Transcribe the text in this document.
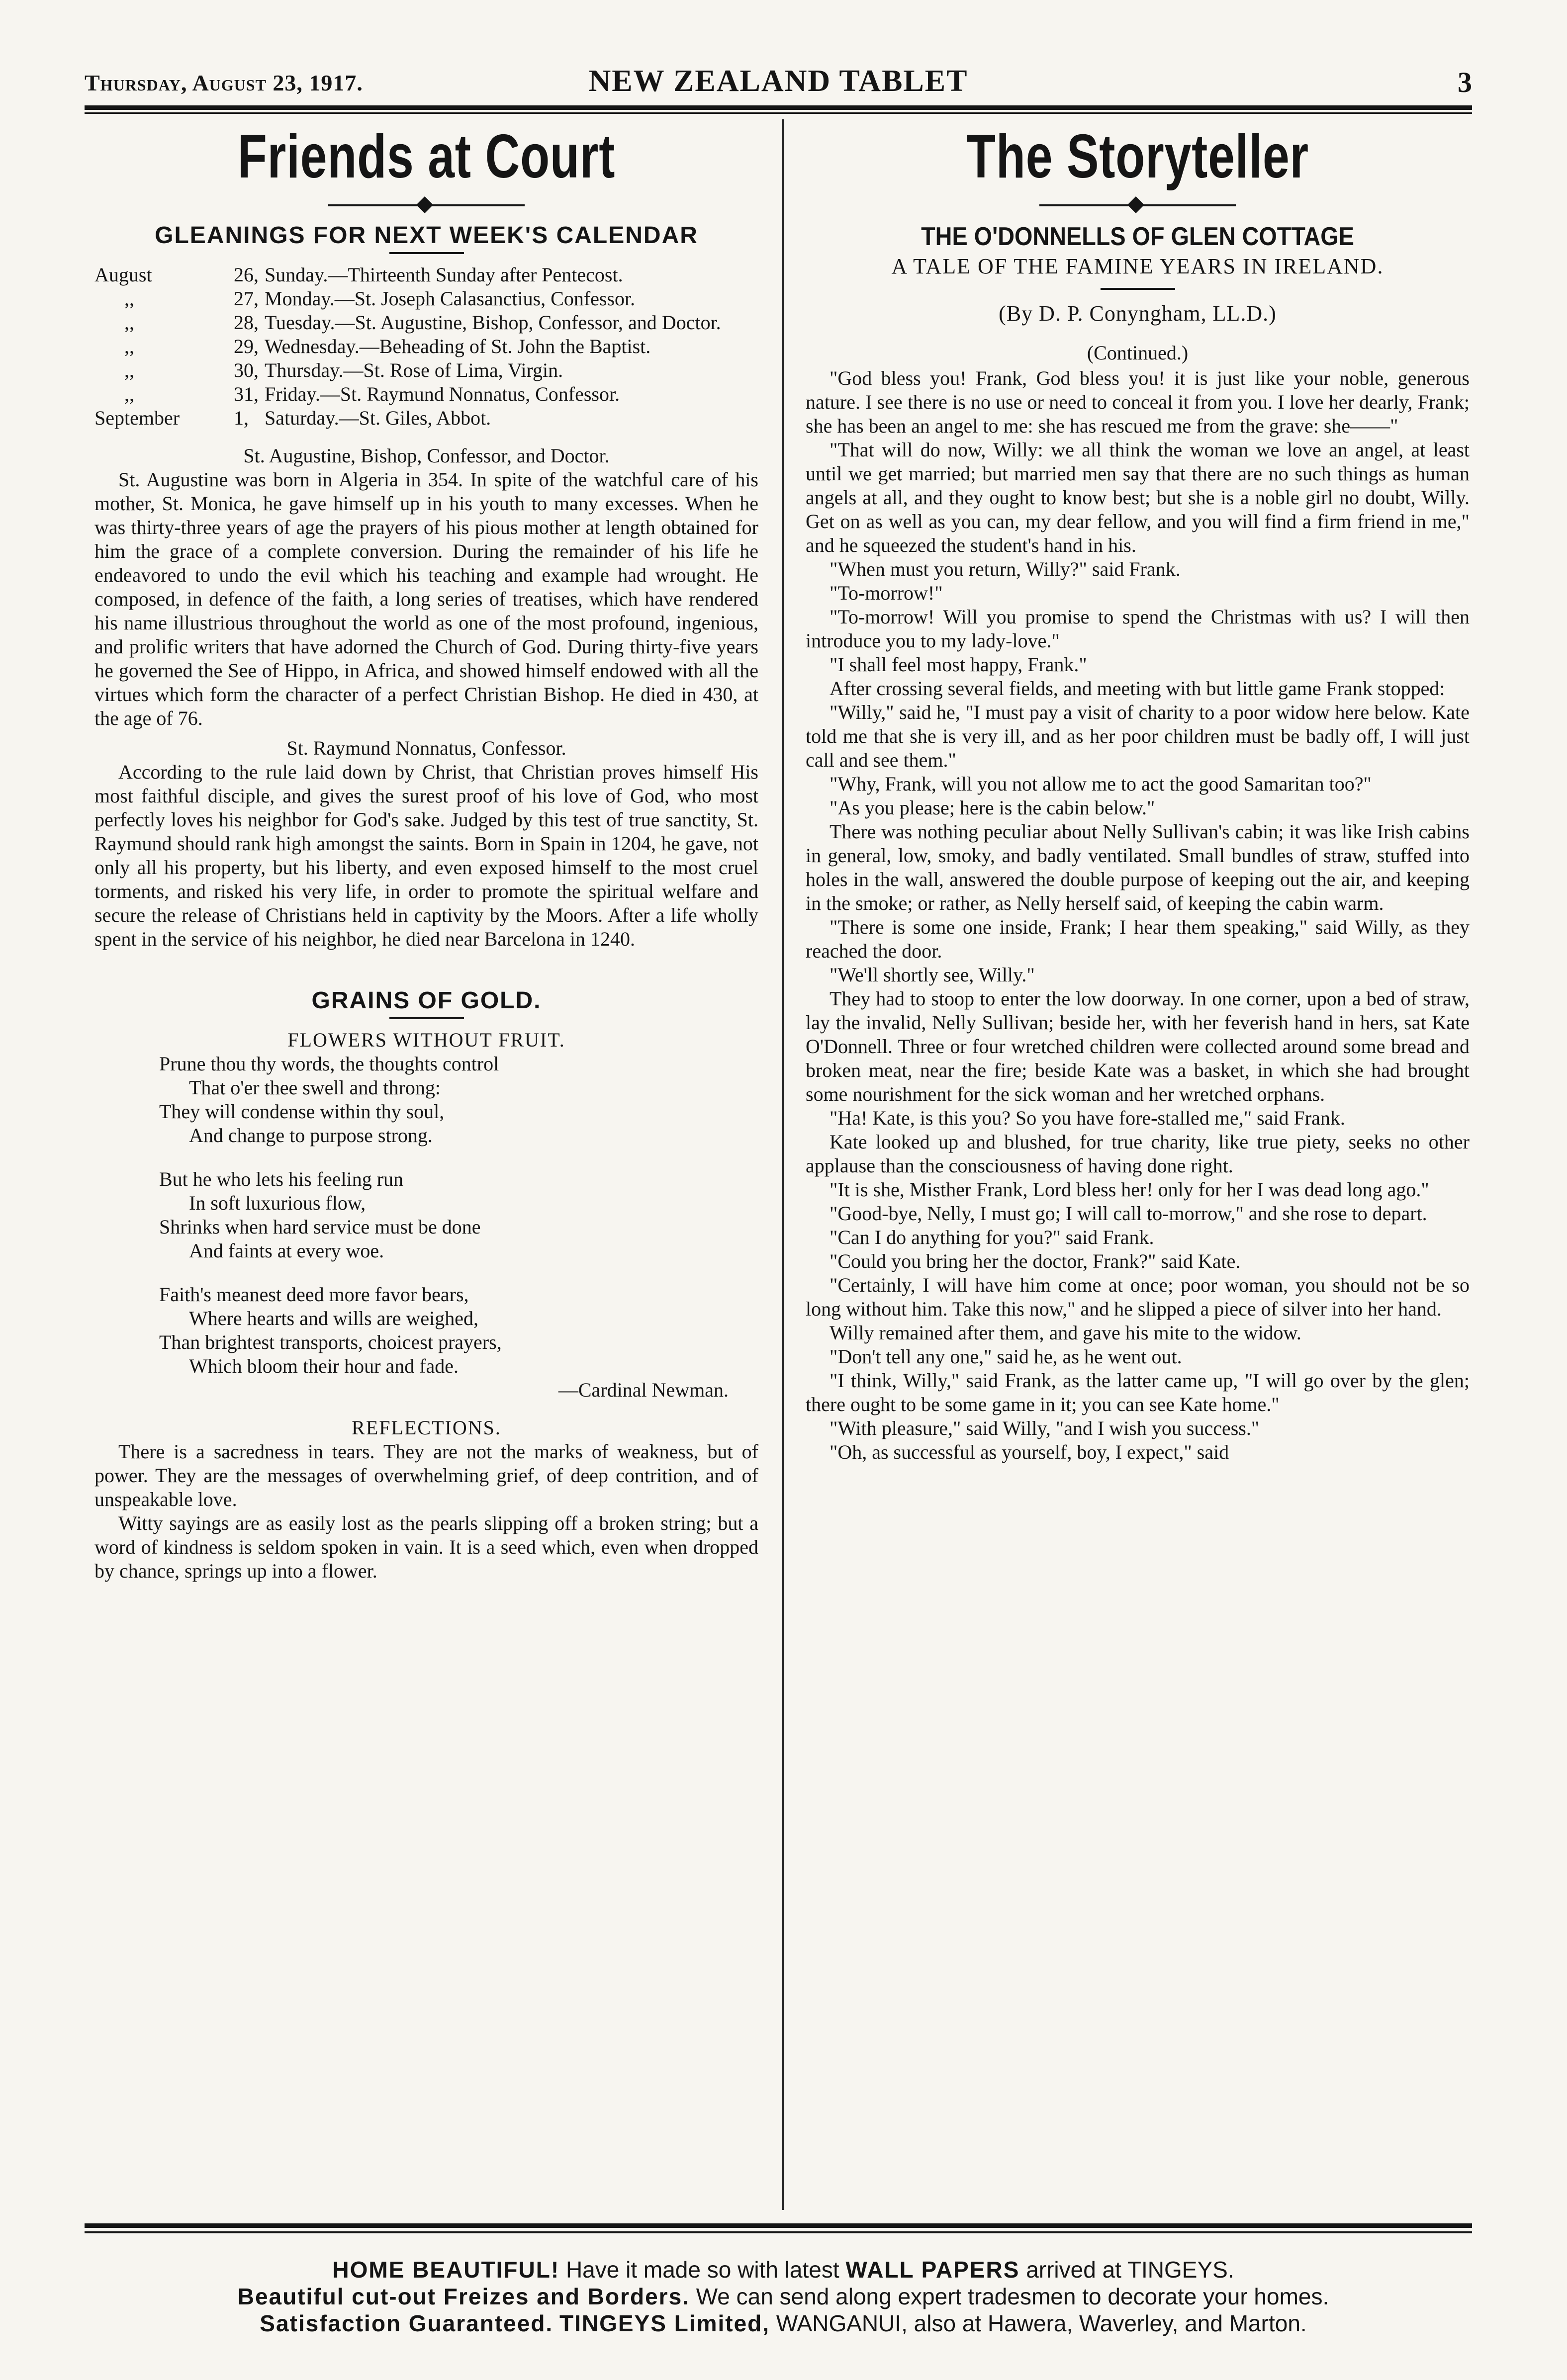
Thursday, August 23, 1917.	NEW ZEALAND TABLET	3
Friends at Court
GLEANINGS FOR NEXT WEEK'S CALENDAR
August	26, Sunday.—Thirteenth Sunday after Pentecost.
,,	27, Monday.—St. Joseph Calasanctius, Confessor.
,,	28, Tuesday.—St. Augustine, Bishop, Confessor, and Doctor.
,,	29, Wednesday.—Beheading of St. John the Baptist.
,,	30, Thursday.—St. Rose of Lima, Virgin.
,,	31, Friday.—St. Raymund Nonnatus, Confessor.
September	1, Saturday.—St. Giles, Abbot.

St. Augustine, Bishop, Confessor, and Doctor.

St. Augustine was born in Algeria in 354. In spite of the watchful care of his mother, St. Monica, he gave himself up in his youth to many excesses. When he was thirty-three years of age the prayers of his pious mother at length obtained for him the grace of a complete conversion. During the remainder of his life he endeavored to undo the evil which his teaching and example had wrought. He composed, in defence of the faith, a long series of treatises, which have rendered his name illustrious throughout the world as one of the most profound, ingenious, and prolific writers that have adorned the Church of God. During thirty-five years he governed the See of Hippo, in Africa, and showed himself endowed with all the virtues which form the character of a perfect Christian Bishop. He died in 430, at the age of 76.

St. Raymund Nonnatus, Confessor.

According to the rule laid down by Christ, that Christian proves himself His most faithful disciple, and gives the surest proof of his love of God, who most perfectly loves his neighbor for God's sake. Judged by this test of true sanctity, St. Raymund should rank high amongst the saints. Born in Spain in 1204, he gave, not only all his property, but his liberty, and even exposed himself to the most cruel torments, and risked his very life, in order to promote the spiritual welfare and secure the release of Christians held in captivity by the Moors. After a life wholly spent in the service of his neighbor, he died near Barcelona in 1240.

GRAINS OF GOLD.

FLOWERS WITHOUT FRUIT.

Prune thou thy words, the thoughts control
That o'er thee swell and throng:
They will condense within thy soul,
And change to purpose strong.
But he who lets his feeling run
In soft luxurious flow,
Shrinks when hard service must be done
And faints at every woe.
Faith's meanest deed more favor bears,
Where hearts and wills are weighed,
Than brightest transports, choicest prayers,
Which bloom their hour and fade.
—Cardinal Newman.

REFLECTIONS.

There is a sacredness in tears. They are not the marks of weakness, but of power. They are the messages of overwhelming grief, of deep contrition, and of unspeakable love.

Witty sayings are as easily lost as the pearls slipping off a broken string; but a word of kindness is seldom spoken in vain. It is a seed which, even when dropped by chance, springs up into a flower.

The Storyteller
THE O'DONNELLS OF GLEN COTTAGE
A TALE OF THE FAMINE YEARS IN IRELAND.
(By D. P. Conyngham, LL.D.)
(Continued.)

"God bless you! Frank, God bless you! it is just like your noble, generous nature. I see there is no use or need to conceal it from you. I love her dearly, Frank; she has been an angel to me: she has rescued me from the grave: she——"

"That will do now, Willy: we all think the woman we love an angel, at least until we get married; but married men say that there are no such things as human angels at all, and they ought to know best; but she is a noble girl no doubt, Willy. Get on as well as you can, my dear fellow, and you will find a firm friend in me," and he squeezed the student's hand in his.

"When must you return, Willy?" said Frank.

"To-morrow!"

"To-morrow! Will you promise to spend the Christmas with us? I will then introduce you to my lady-love."

"I shall feel most happy, Frank."

After crossing several fields, and meeting with but little game Frank stopped:

"Willy," said he, "I must pay a visit of charity to a poor widow here below. Kate told me that she is very ill, and as her poor children must be badly off, I will just call and see them."

"Why, Frank, will you not allow me to act the good Samaritan too?"

"As you please; here is the cabin below."

There was nothing peculiar about Nelly Sullivan's cabin; it was like Irish cabins in general, low, smoky, and badly ventilated. Small bundles of straw, stuffed into holes in the wall, answered the double purpose of keeping out the air, and keeping in the smoke; or rather, as Nelly herself said, of keeping the cabin warm.

"There is some one inside, Frank; I hear them speaking," said Willy, as they reached the door.

"We'll shortly see, Willy."

They had to stoop to enter the low doorway. In one corner, upon a bed of straw, lay the invalid, Nelly Sullivan; beside her, with her feverish hand in hers, sat Kate O'Donnell. Three or four wretched children were collected around some bread and broken meat, near the fire; beside Kate was a basket, in which she had brought some nourishment for the sick woman and her wretched orphans.

"Ha! Kate, is this you? So you have fore-stalled me," said Frank.

Kate looked up and blushed, for true charity, like true piety, seeks no other applause than the consciousness of having done right.

"It is she, Misther Frank, Lord bless her! only for her I was dead long ago."

"Good-bye, Nelly, I must go; I will call to-morrow," and she rose to depart.

"Can I do anything for you?" said Frank.

"Could you bring her the doctor, Frank?" said Kate.

"Certainly, I will have him come at once; poor woman, you should not be so long without him. Take this now," and he slipped a piece of silver into her hand.

Willy remained after them, and gave his mite to the widow.

"Don't tell any one," said he, as he went out.

"I think, Willy," said Frank, as the latter came up, "I will go over by the glen; there ought to be some game in it; you can see Kate home."

"With pleasure," said Willy, "and I wish you success."

"Oh, as successful as yourself, boy, I expect," said

HOME BEAUTIFUL! Have it made so with latest WALL PAPERS arrived at TINGEYS.
Beautiful cut-out Freizes and Borders. We can send along expert tradesmen to decorate your homes.
Satisfaction Guaranteed. TINGEYS Limited, WANGANUI, also at Hawera, Waverley, and Marton.
